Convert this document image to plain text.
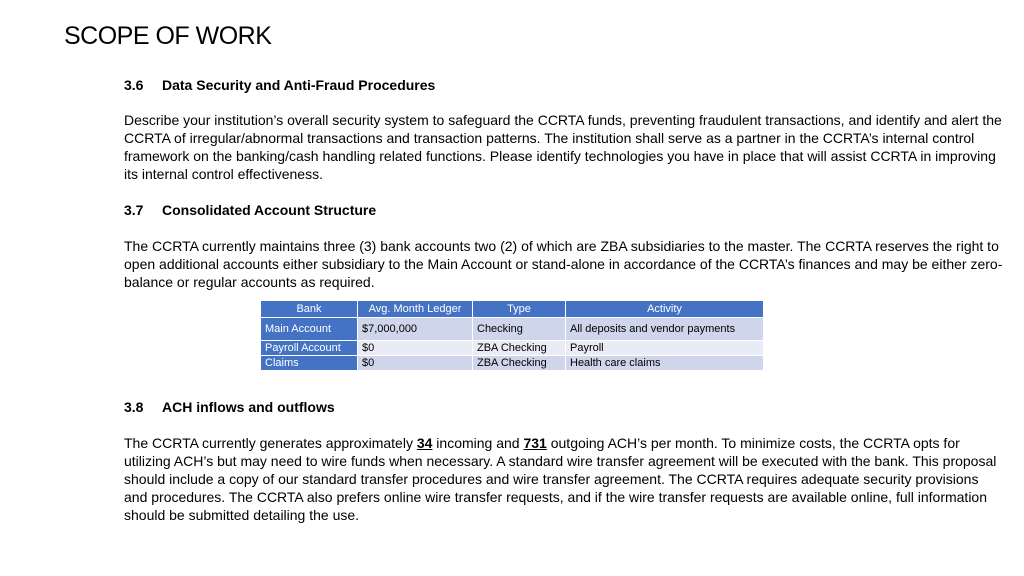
SCOPE OF WORK
3.6 Data Security and Anti-Fraud Procedures
Describe your institution’s overall security system to safeguard the CCRTA funds, preventing fraudulent transactions, and identify and alert the CCRTA of irregular/abnormal transactions and transaction patterns. The institution shall serve as a partner in the CCRTA’s internal control framework on the banking/cash handling related functions. Please identify technologies you have in place that will assist CCRTA in improving its internal control effectiveness.
3.7 Consolidated Account Structure
The CCRTA currently maintains three (3) bank accounts two (2) of which are ZBA subsidiaries to the master. The CCRTA reserves the right to open additional accounts either subsidiary to the Main Account or stand-alone in accordance of the CCRTA’s finances and may be either zero-balance or regular accounts as required.
Bank	Avg. Month Ledger	Type	Activity
Main Account	$7,000,000	Checking	All deposits and vendor payments
Payroll Account	$0	ZBA Checking	Payroll
Claims	$0	ZBA Checking	Health care claims
3.8 ACH inflows and outflows
The CCRTA currently generates approximately 34 incoming and 731 outgoing ACH’s per month. To minimize costs, the CCRTA opts for utilizing ACH’s but may need to wire funds when necessary. A standard wire transfer agreement will be executed with the bank. This proposal should include a copy of our standard transfer procedures and wire transfer agreement. The CCRTA requires adequate security provisions and procedures. The CCRTA also prefers online wire transfer requests, and if the wire transfer requests are available online, full information should be submitted detailing the use.
